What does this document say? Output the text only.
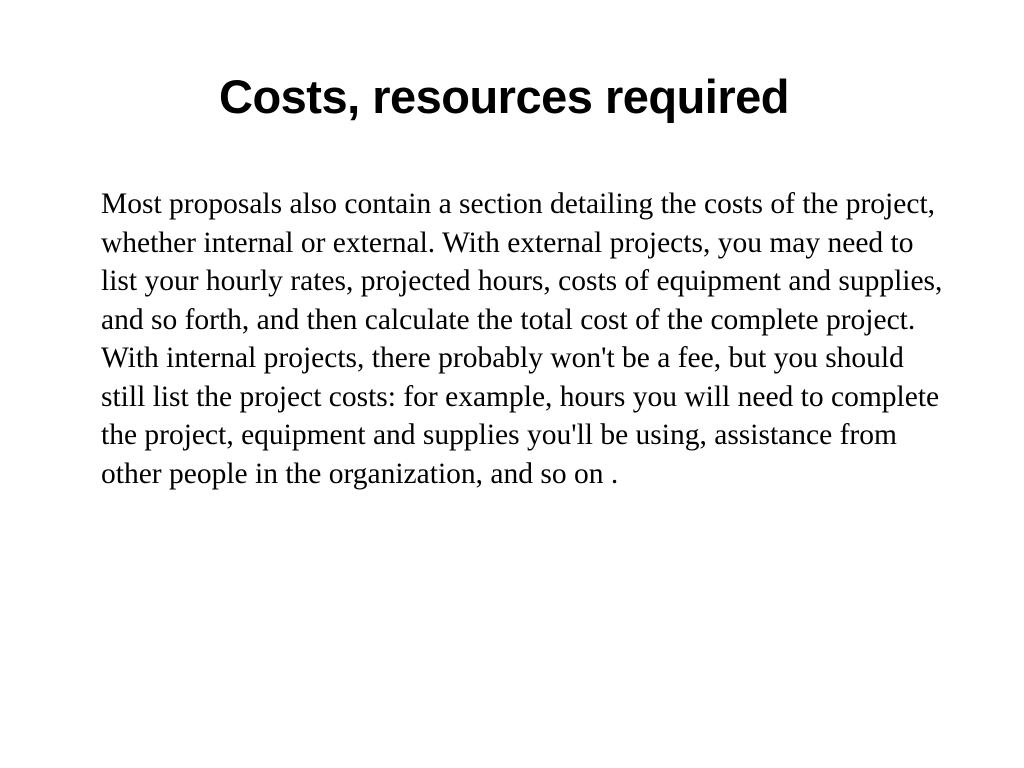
Costs, resources required

Most proposals also contain a section detailing the costs of the project, whether internal or external. With external projects, you may need to list your hourly rates, projected hours, costs of equipment and supplies, and so forth, and then calculate the total cost of the complete project. With internal projects, there probably won't be a fee, but you should still list the project costs: for example, hours you will need to complete the project, equipment and supplies you'll be using, assistance from other people in the organization, and so on .
